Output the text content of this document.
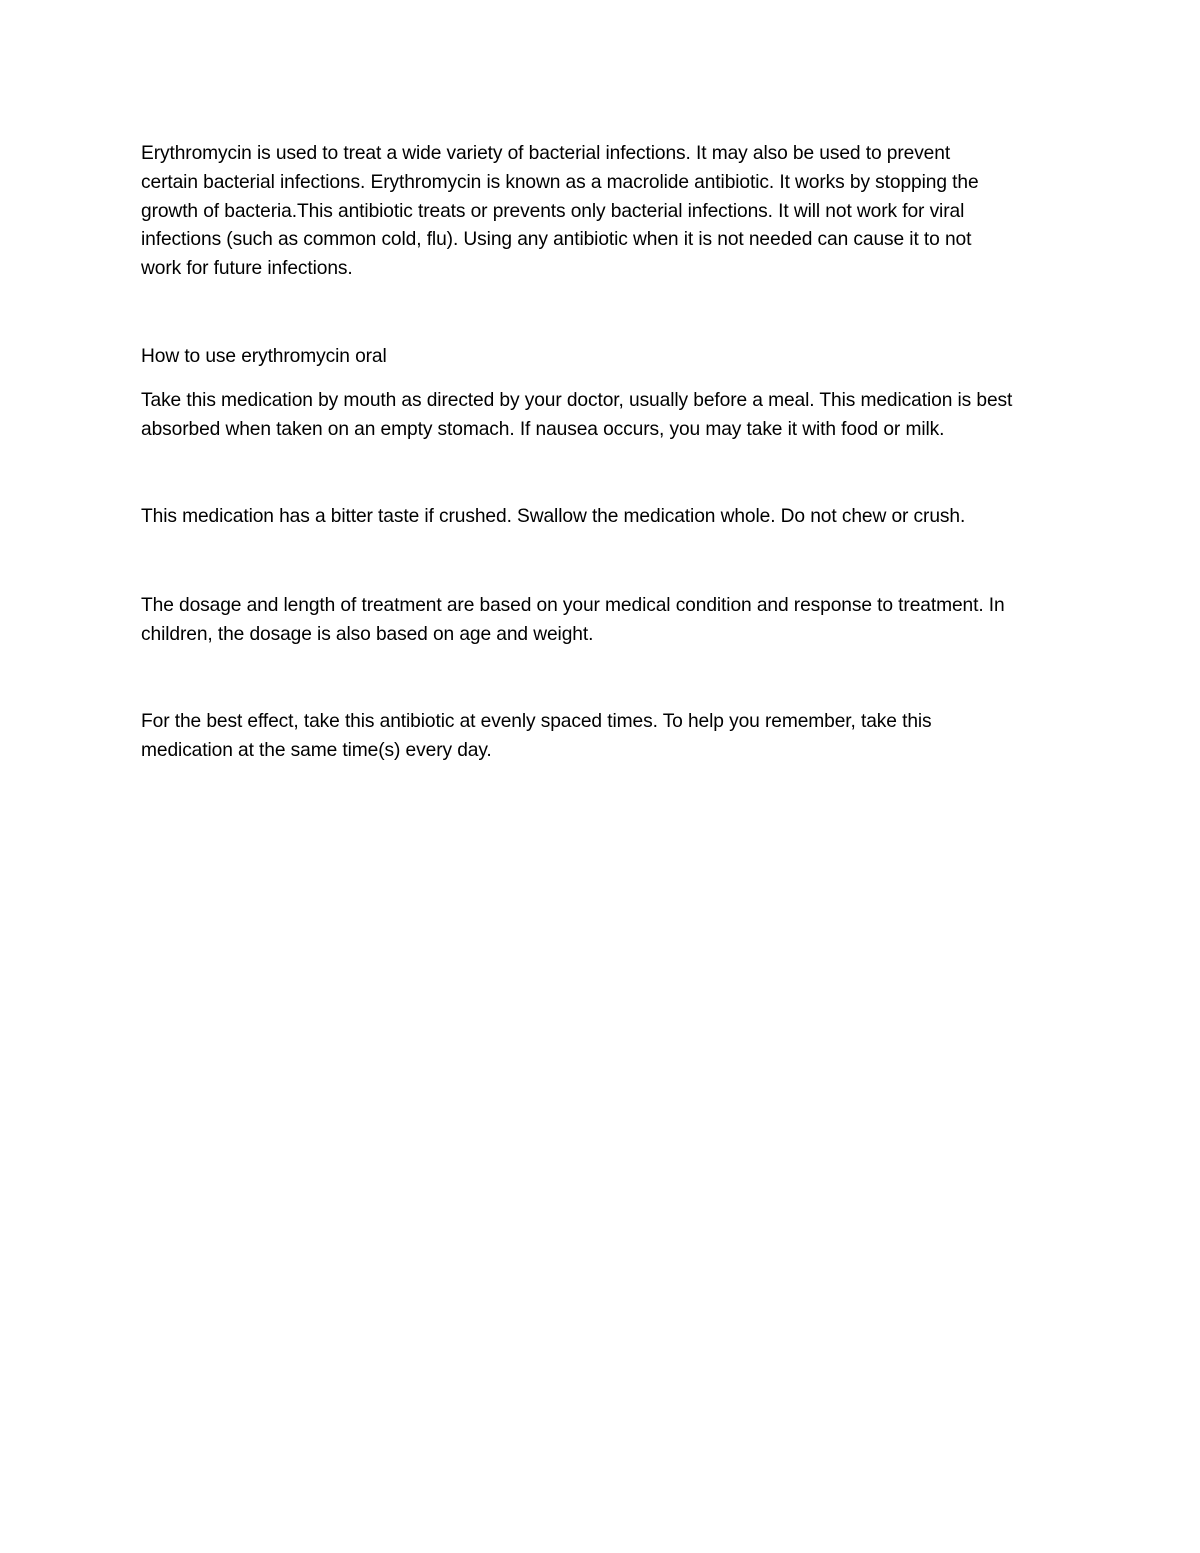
Erythromycin is used to treat a wide variety of bacterial infections. It may also be used to prevent
certain bacterial infections. Erythromycin is known as a macrolide antibiotic. It works by stopping the
growth of bacteria.This antibiotic treats or prevents only bacterial infections. It will not work for viral
infections (such as common cold, flu). Using any antibiotic when it is not needed can cause it to not
work for future infections.

How to use erythromycin oral

Take this medication by mouth as directed by your doctor, usually before a meal. This medication is best
absorbed when taken on an empty stomach. If nausea occurs, you may take it with food or milk.

This medication has a bitter taste if crushed. Swallow the medication whole. Do not chew or crush.

The dosage and length of treatment are based on your medical condition and response to treatment. In
children, the dosage is also based on age and weight.

For the best effect, take this antibiotic at evenly spaced times. To help you remember, take this
medication at the same time(s) every day.
